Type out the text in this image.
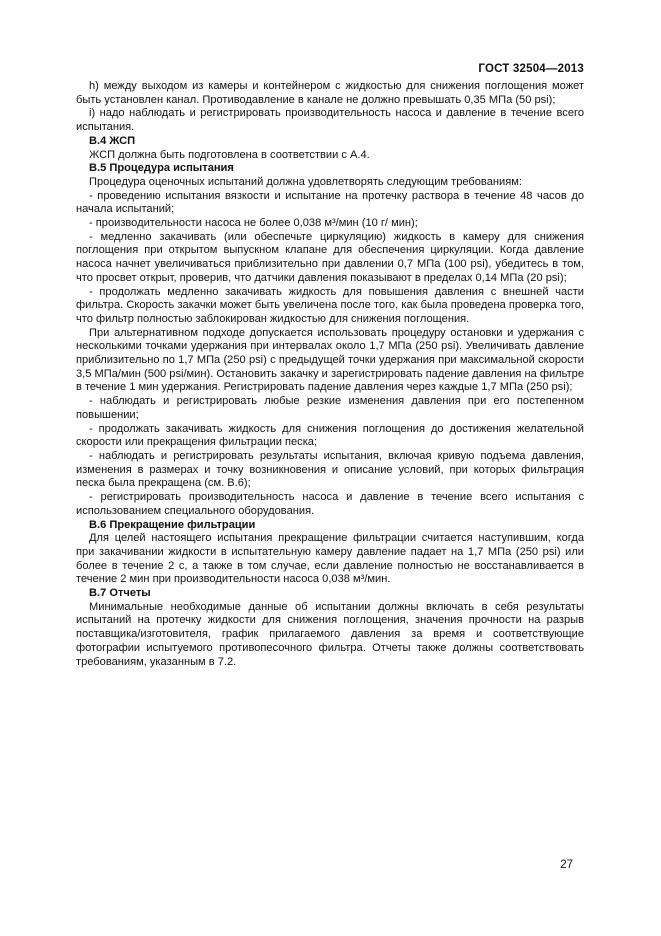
ГОСТ 32504—2013

h) между выходом из камеры и контейнером с жидкостью для снижения поглощения может быть установлен канал. Противодавление в канале не должно превышать 0,35 МПа (50 psi);

i) надо наблюдать и регистрировать производительность насоса и давление в течение всего испытания.

В.4 ЖСП

ЖСП должна быть подготовлена в соответствии с А.4.

В.5 Процедура испытания

Процедура оценочных испытаний должна удовлетворять следующим требованиям:

- проведению испытания вязкости и испытание на протечку раствора в течение 48 часов до начала испытаний;

- производительности насоса не более 0,038 м³/мин (10 г/ мин);

- медленно закачивать (или обеспечьте циркуляцию) жидкость в камеру для снижения поглощения при открытом выпускном клапане для обеспечения циркуляции. Когда давление насоса начнет увеличиваться приблизительно при давлении 0,7 МПа (100 psi), убедитесь в том, что просвет открыт, проверив, что датчики давления показывают в пределах 0,14 МПа (20 psi);

- продолжать медленно закачивать жидкость для повышения давления с внешней части фильтра. Скорость закачки может быть увеличена после того, как была проведена проверка того, что фильтр полностью заблокирован жидкостью для снижения поглощения.

При альтернативном подходе допускается использовать процедуру остановки и удержания с несколькими точками удержания при интервалах около 1,7 МПа (250 psi). Увеличивать давление приблизительно по 1,7 МПа (250 psi) с предыдущей точки удержания при максимальной скорости 3,5 МПа/мин (500 psi/мин). Остановить закачку и зарегистрировать падение давления на фильтре в течение 1 мин удержания. Регистрировать падение давления через каждые 1,7 МПа (250 psi);

- наблюдать и регистрировать любые резкие изменения давления при его постепенном повышении;

- продолжать закачивать жидкость для снижения поглощения до достижения желательной скорости или прекращения фильтрации песка;

- наблюдать и регистрировать результаты испытания, включая кривую подъема давления, изменения в размерах и точку возникновения и описание условий, при которых фильтрация песка была прекращена (см. В.6);

- регистрировать производительность насоса и давление в течение всего испытания с использованием специального оборудования.

В.6 Прекращение фильтрации

Для целей настоящего испытания прекращение фильтрации считается наступившим, когда при закачивании жидкости в испытательную камеру давление падает на 1,7 МПа (250 psi) или более в течение 2 с, а также в том случае, если давление полностью не восстанавливается в течение 2 мин при производительности насоса 0,038 м³/мин.

В.7 Отчеты

Минимальные необходимые данные об испытании должны включать в себя результаты испытаний на протечку жидкости для снижения поглощения, значения прочности на разрыв поставщика/изготовителя, график прилагаемого давления за время и соответствующие фотографии испытуемого противопесочного фильтра. Отчеты также должны соответствовать требованиям, указанным в 7.2.

27
